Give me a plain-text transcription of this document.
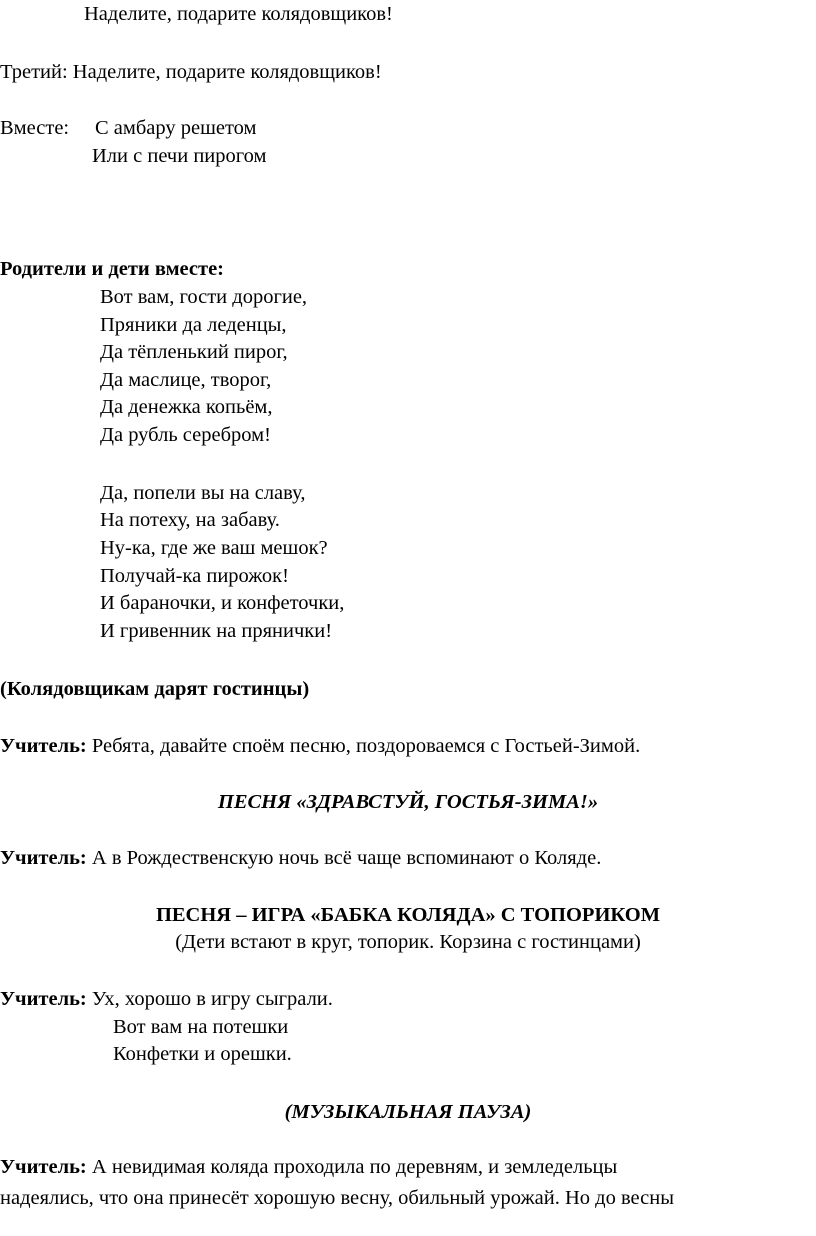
Наделите, подарите колядовщиков!
Третий: Наделите, подарите колядовщиков!
Вместе: С амбару решетом
Или с печи пирогом
Родители и дети вместе:
Вот вам, гости дорогие,
Пряники да леденцы,
Да тёпленький пирог,
Да маслице, творог,
Да денежка копьём,
Да рубль серебром!
Да, попели вы на славу,
На потеху, на забаву.
Ну-ка, где же ваш мешок?
Получай-ка пирожок!
И бараночки, и конфеточки,
И гривенник на прянички!
(Колядовщикам дарят гостинцы)
Учитель: Ребята, давайте споём песню, поздороваемся с Гостьей-Зимой.
ПЕСНЯ «ЗДРАВСТУЙ, ГОСТЬЯ-ЗИМА!»
Учитель: А в Рождественскую ночь всё чаще вспоминают о Коляде.
ПЕСНЯ – ИГРА «БАБКА КОЛЯДА» С ТОПОРИКОМ
(Дети встают в круг, топорик. Корзина с гостинцами)
Учитель: Ух, хорошо в игру сыграли.
Вот вам на потешки
Конфетки и орешки.
(МУЗЫКАЛЬНАЯ ПАУЗА)
Учитель: А невидимая коляда проходила по деревням, и земледельцы
надеялись, что она принесёт хорошую весну, обильный урожай. Но до весны
